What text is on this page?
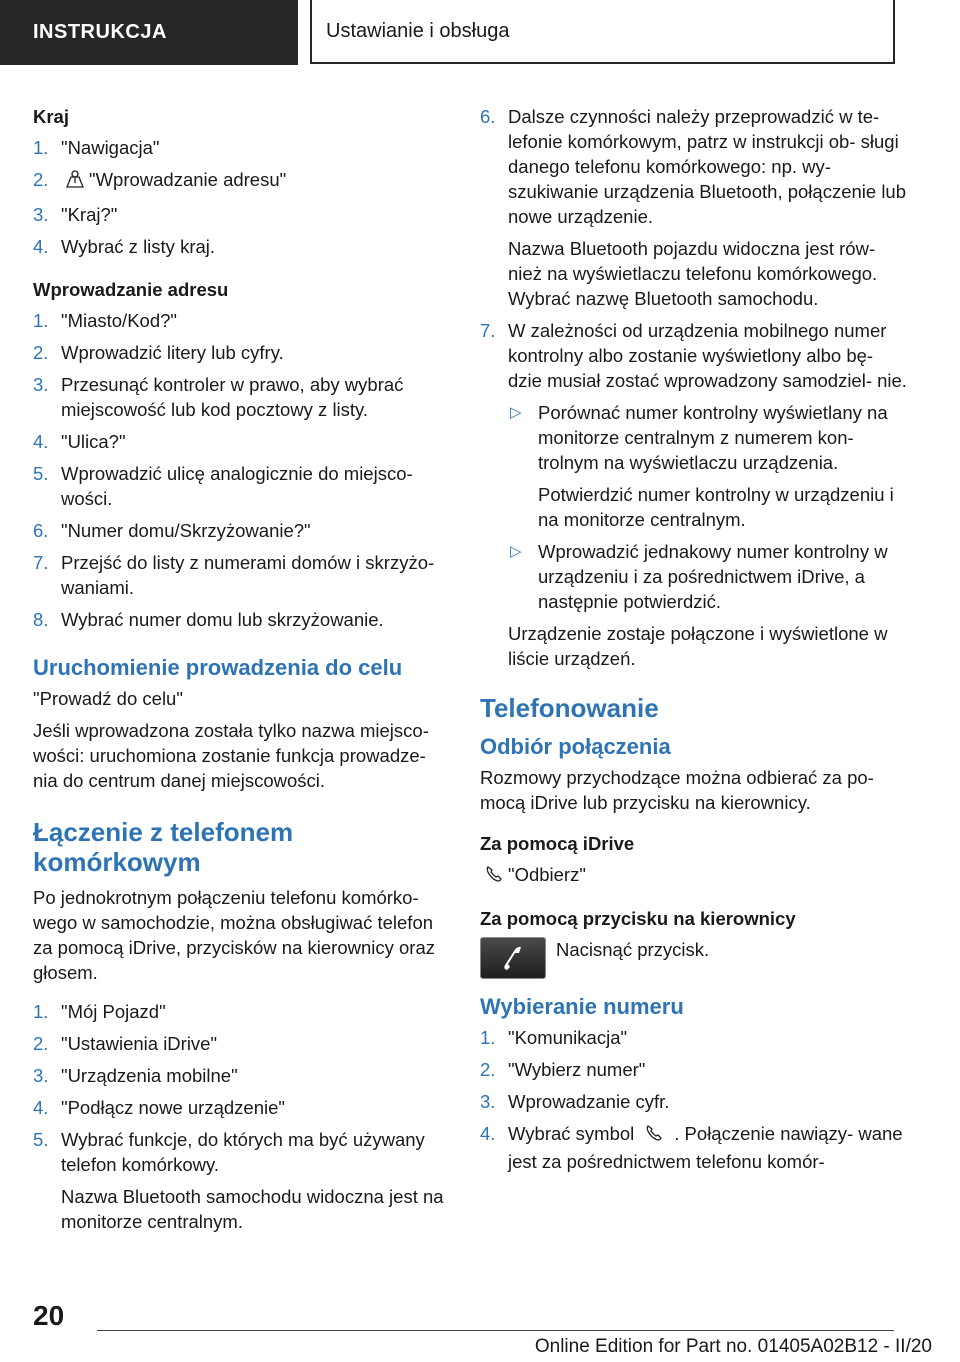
INSTRUKCJA	Ustawianie i obsługa

Kraj

1. "Nawigacja"
2. "Wprowadzanie adresu"
3. "Kraj?"
4. Wybrać z listy kraj.

Wprowadzanie adresu

1. "Miasto/Kod?"
2. Wprowadzić litery lub cyfry.
3. Przesunąć kontroler w prawo, aby wybrać miejscowość lub kod pocztowy z listy.
4. "Ulica?"
5. Wprowadzić ulicę analogicznie do miejsco- wości.
6. "Numer domu/Skrzyżowanie?"
7. Przejść do listy z numerami domów i skrzyżo- waniami.
8. Wybrać numer domu lub skrzyżowanie.

Uruchomienie prowadzenia do celu

"Prowadź do celu"

Jeśli wprowadzona została tylko nazwa miejsco- wości: uruchomiona zostanie funkcja prowadze- nia do centrum danej miejscowości.

Łączenie z telefonem komórkowym

Po jednokrotnym połączeniu telefonu komórko- wego w samochodzie, można obsługiwać telefon za pomocą iDrive, przycisków na kierownicy oraz głosem.

1. "Mój Pojazd"
2. "Ustawienia iDrive"
3. "Urządzenia mobilne"
4. "Podłącz nowe urządzenie"
5. Wybrać funkcje, do których ma być używany telefon komórkowy.

Nazwa Bluetooth samochodu widoczna jest na monitorze centralnym.

6. Dalsze czynności należy przeprowadzić w te- lefonie komórkowym, patrz w instrukcji ob- sługi danego telefonu komórkowego: np. wy- szukiwanie urządzenia Bluetooth, połączenie lub nowe urządzenie.

Nazwa Bluetooth pojazdu widoczna jest rów- nież na wyświetlaczu telefonu komórkowego. Wybrać nazwę Bluetooth samochodu.

7. W zależności od urządzenia mobilnego numer kontrolny albo zostanie wyświetlony albo bę- dzie musiał zostać wprowadzony samodziel- nie.
▷ Porównać numer kontrolny wyświetlany na monitorze centralnym z numerem kon- trolnym na wyświetlaczu urządzenia.

Potwierdzić numer kontrolny w urządzeniu i na monitorze centralnym.

▷ Wprowadzić jednakowy numer kontrolny w urządzeniu i za pośrednictwem iDrive, a następnie potwierdzić.

Urządzenie zostaje połączone i wyświetlone w liście urządzeń.

Telefonowanie

Odbiór połączenia

Rozmowy przychodzące można odbierać za po- mocą iDrive lub przycisku na kierownicy.

Za pomocą iDrive

"Odbierz"

Za pomocą przycisku na kierownicy

Nacisnąć przycisk.

Wybieranie numeru

1. "Komunikacja"
2. "Wybierz numer"
3. Wprowadzanie cyfr.
4. Wybrać symbol . Połączenie nawiązy- wane jest za pośrednictwem telefonu komór-
20
Online Edition for Part no. 01405A02B12 - II/20
